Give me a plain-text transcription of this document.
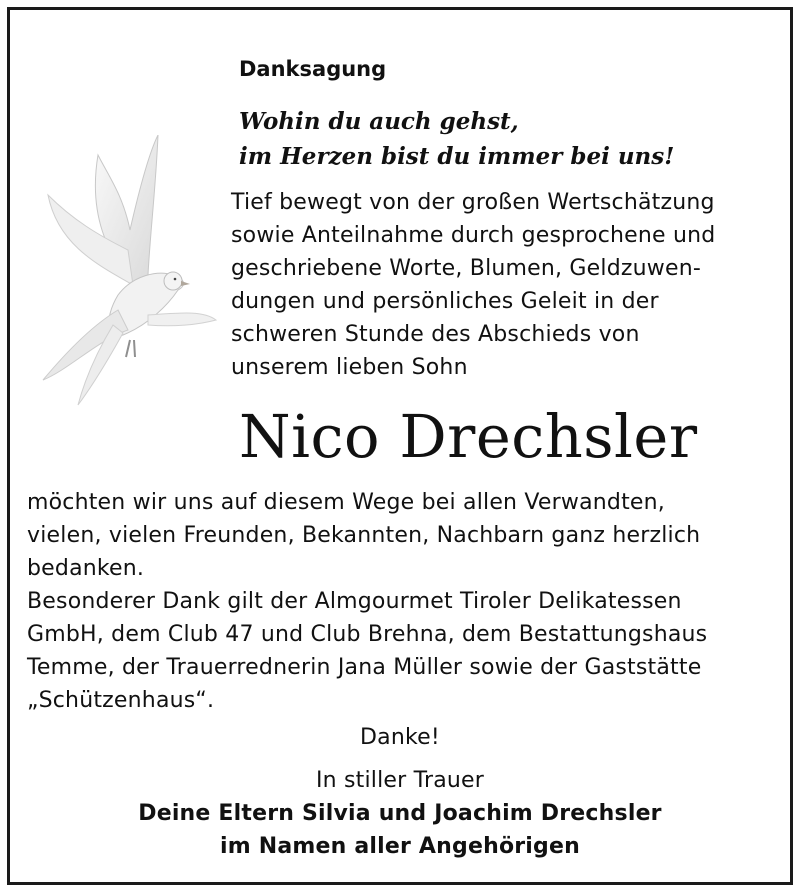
Danksagung
Wohin du auch gehst,
im Herzen bist du immer bei uns!
Tief bewegt von der großen Wertschätzung
sowie Anteilnahme durch gesprochene und
geschriebene Worte, Blumen, Geldzuwen-
dungen und persönliches Geleit in der
schweren Stunde des Abschieds von
unserem lieben Sohn
Nico Drechsler
möchten wir uns auf diesem Wege bei allen Verwandten,
vielen, vielen Freunden, Bekannten, Nachbarn ganz herzlich
bedanken.
Besonderer Dank gilt der Almgourmet Tiroler Delikatessen
GmbH, dem Club 47 und Club Brehna, dem Bestattungshaus
Temme, der Trauerrednerin Jana Müller sowie der Gaststätte
„Schützenhaus“.
Danke!
In stiller Trauer
Deine Eltern Silvia und Joachim Drechsler
im Namen aller Angehörigen
